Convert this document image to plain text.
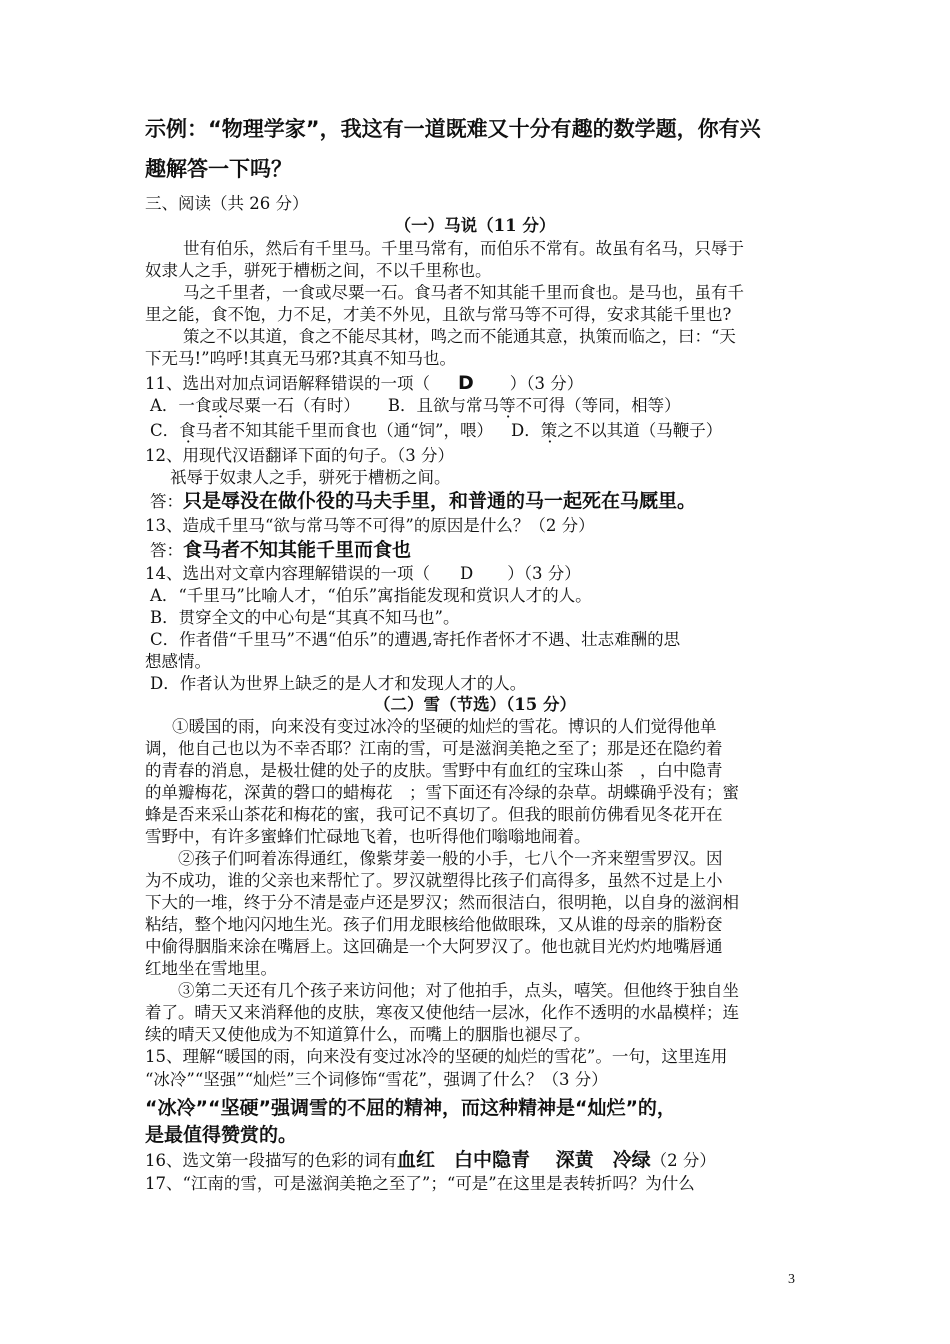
示例：“物理学家”，我这有一道既难又十分有趣的数学题，你有兴
趣解答一下吗？
三、阅读（共 26 分）
（一）马说（11 分）
世有伯乐，然后有千里马。千里马常有，而伯乐不常有。故虽有名马，只辱于
奴隶人之手，骈死于槽枥之间，不以千里称也。
马之千里者，一食或尽粟一石。食马者不知其能千里而食也。是马也，虽有千
里之能，食不饱，力不足，才美不外见，且欲与常马等不可得，安求其能千里也?
策之不以其道，食之不能尽其材，鸣之而不能通其意，执策而临之，曰：“天
下无马!”呜呼!其真无马邪?其真不知马也。
11、选出对加点词语解释错误的一项（ D ）（3 分）
A．一食或尽粟一石（有时） B．且欲与常马等不可得（等同，相等）
C．食马者不知其能千里而食也（通“饲”，喂） D．策之不以其道（马鞭子）
12、用现代汉语翻译下面的句子。（3 分）
祇辱于奴隶人之手，骈死于槽枥之间。
答：只是辱没在做仆役的马夫手里，和普通的马一起死在马厩里。
13、造成千里马“欲与常马等不可得”的原因是什么？（2 分）
答：食马者不知其能千里而食也
14、选出对文章内容理解错误的一项（ D ）（3 分）
A．“千里马”比喻人才，“伯乐”寓指能发现和赏识人才的人。
B．贯穿全文的中心句是“其真不知马也”。
C．作者借“千里马”不遇“伯乐”的遭遇,寄托作者怀才不遇、壮志难酬的思
想感情。
D．作者认为世界上缺乏的是人才和发现人才的人。
（二）雪（节选）（15 分）
①暖国的雨，向来没有变过冰冷的坚硬的灿烂的雪花。博识的人们觉得他单
调，他自己也以为不幸否耶？江南的雪，可是滋润美艳之至了；那是还在隐约着
的青春的消息，是极壮健的处子的皮肤。雪野中有血红的宝珠山茶　，白中隐青
的单瓣梅花，深黄的磬口的蜡梅花　；雪下面还有冷绿的杂草。胡蝶确乎没有；蜜
蜂是否来采山茶花和梅花的蜜，我可记不真切了。但我的眼前仿佛看见冬花开在
雪野中，有许多蜜蜂们忙碌地飞着，也听得他们嗡嗡地闹着。
②孩子们呵着冻得通红，像紫芽姜一般的小手，七八个一齐来塑雪罗汉。因
为不成功，谁的父亲也来帮忙了。罗汉就塑得比孩子们高得多，虽然不过是上小
下大的一堆，终于分不清是壶卢还是罗汉；然而很洁白，很明艳，以自身的滋润相
粘结，整个地闪闪地生光。孩子们用龙眼核给他做眼珠，又从谁的母亲的脂粉奁
中偷得胭脂来涂在嘴唇上。这回确是一个大阿罗汉了。他也就目光灼灼地嘴唇通
红地坐在雪地里。
③第二天还有几个孩子来访问他；对了他拍手，点头，嘻笑。但他终于独自坐
着了。晴天又来消释他的皮肤，寒夜又使他结一层冰，化作不透明的水晶模样；连
续的晴天又使他成为不知道算什么，而嘴上的胭脂也褪尽了。
15、理解“暖国的雨，向来没有变过冰冷的坚硬的灿烂的雪花”。一句，这里连用
“冰冷”“坚强”“灿烂”三个词修饰“雪花”，强调了什么？（3 分）
“冰冷”“坚硬”强调雪的不屈的精神，而这种精神是“灿烂”的，
是最值得赞赏的。
16、选文第一段描写的色彩的词有血红　白中隐青　 深黄　冷绿（2 分）
17、“江南的雪，可是滋润美艳之至了”；“可是”在这里是表转折吗？为什么
3
